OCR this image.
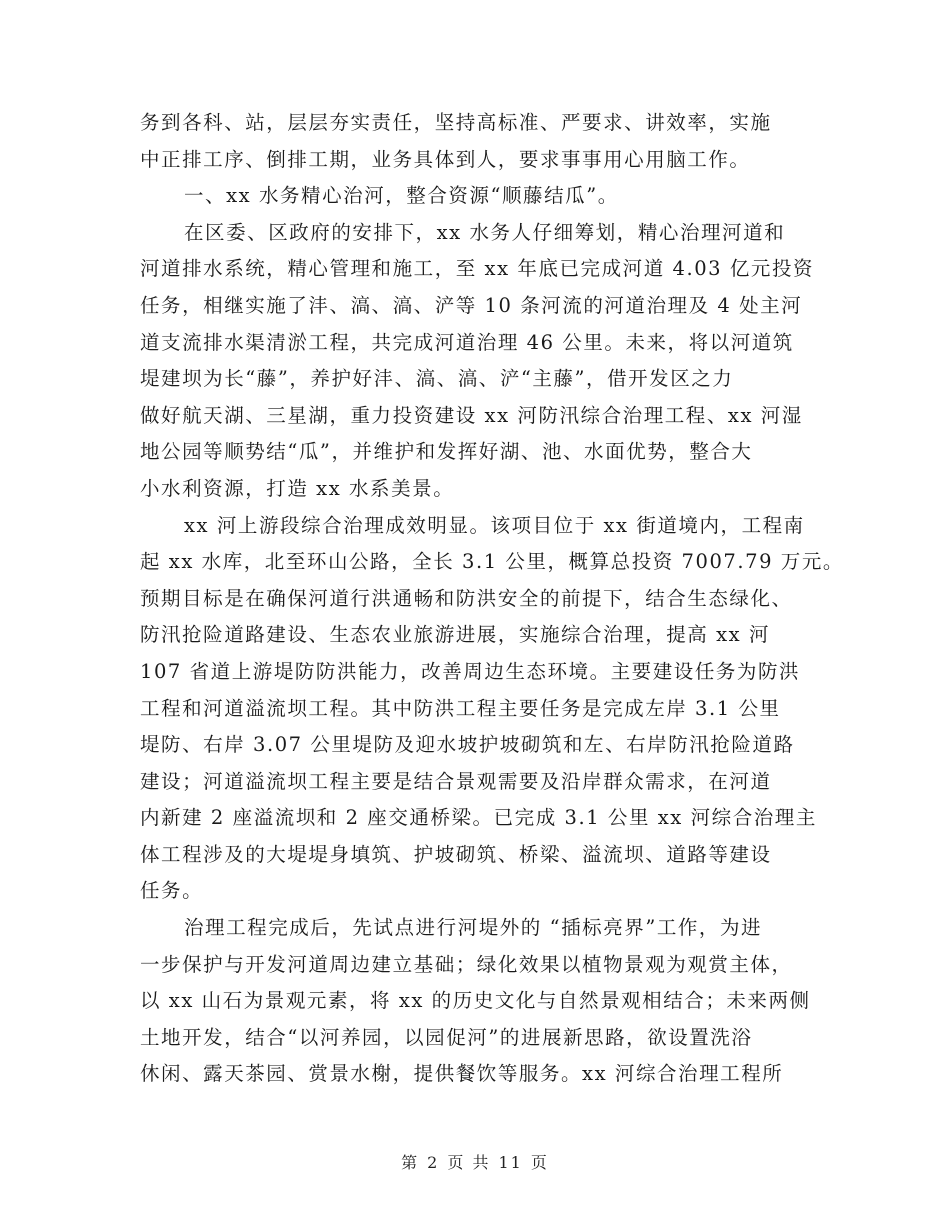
务到各科、站，层层夯实责任，坚持高标准、严要求、讲效率，实施
中正排工序、倒排工期，业务具体到人，要求事事用心用脑工作。
一、xx 水务精心治河，整合资源“顺藤结瓜”。
在区委、区政府的安排下，xx 水务人仔细筹划，精心治理河道和
河道排水系统，精心管理和施工，至 xx 年底已完成河道 4.03 亿元投资
任务，相继实施了沣、滈、滈、浐等 10 条河流的河道治理及 4 处主河
道支流排水渠清淤工程，共完成河道治理 46 公里。未来，将以河道筑
堤建坝为长“藤”，养护好沣、滈、滈、浐“主藤”，借开发区之力
做好航天湖、三星湖，重力投资建设 xx 河防汛综合治理工程、xx 河湿
地公园等顺势结“瓜”，并维护和发挥好湖、池、水面优势，整合大
小水利资源，打造 xx 水系美景。
xx 河上游段综合治理成效明显。该项目位于 xx 街道境内，工程南
起 xx 水库，北至环山公路，全长 3.1 公里，概算总投资 7007.79 万元。
预期目标是在确保河道行洪通畅和防洪安全的前提下，结合生态绿化、
防汛抢险道路建设、生态农业旅游进展，实施综合治理，提高 xx 河
107 省道上游堤防防洪能力，改善周边生态环境。主要建设任务为防洪
工程和河道溢流坝工程。其中防洪工程主要任务是完成左岸 3.1 公里
堤防、右岸 3.07 公里堤防及迎水坡护坡砌筑和左、右岸防汛抢险道路
建设；河道溢流坝工程主要是结合景观需要及沿岸群众需求，在河道
内新建 2 座溢流坝和 2 座交通桥梁。已完成 3.1 公里 xx 河综合治理主
体工程涉及的大堤堤身填筑、护坡砌筑、桥梁、溢流坝、道路等建设
任务。
治理工程完成后，先试点进行河堤外的 “插标亮界”工作，为进
一步保护与开发河道周边建立基础；绿化效果以植物景观为观赏主体，
以 xx 山石为景观元素，将 xx 的历史文化与自然景观相结合；未来两侧
土地开发，结合“以河养园，以园促河”的进展新思路，欲设置洗浴
休闲、露天茶园、赏景水榭，提供餐饮等服务。xx 河综合治理工程所
第 2 页 共 11 页
